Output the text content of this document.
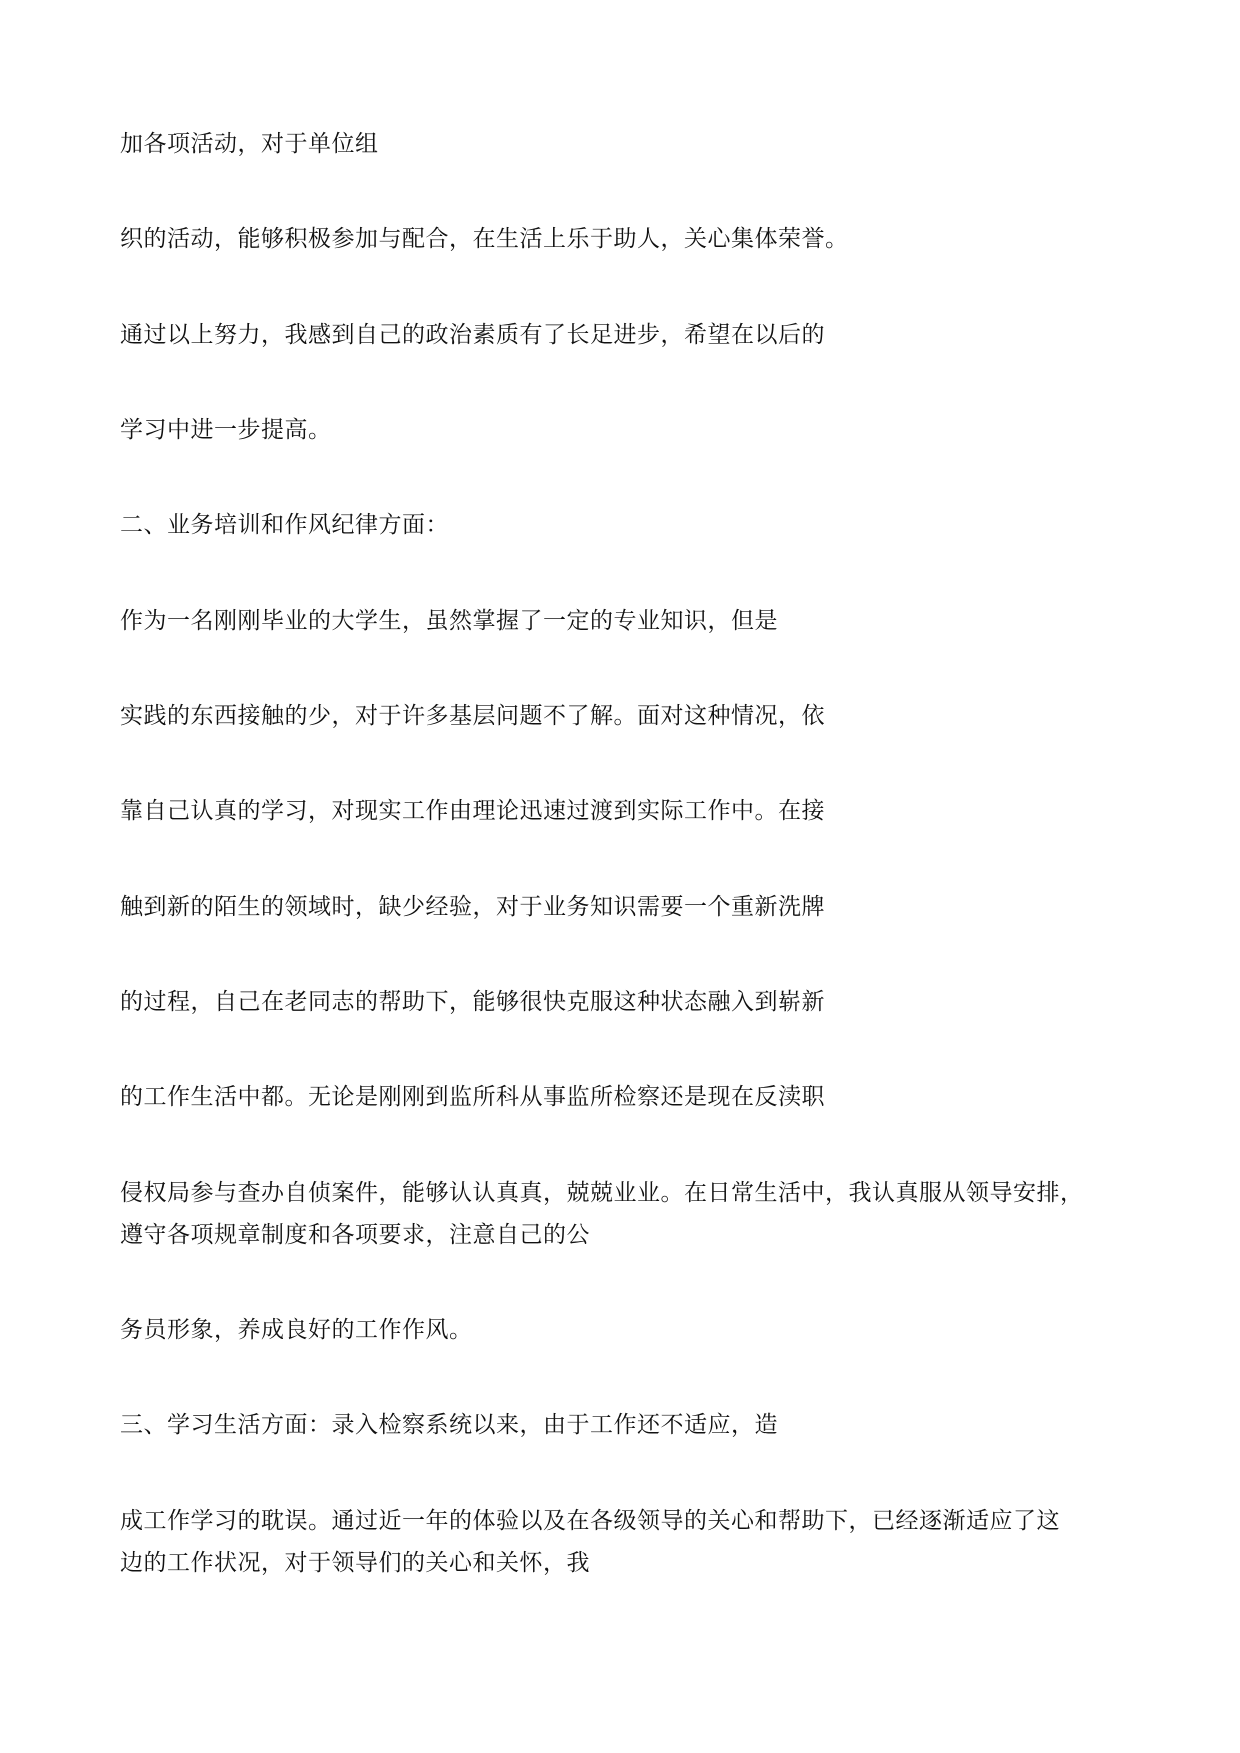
加各项活动，对于单位组
织的活动，能够积极参加与配合，在生活上乐于助人，关心集体荣誉。
通过以上努力，我感到自己的政治素质有了长足进步，希望在以后的
学习中进一步提高。
二、业务培训和作风纪律方面：
作为一名刚刚毕业的大学生，虽然掌握了一定的专业知识，但是
实践的东西接触的少，对于许多基层问题不了解。面对这种情况，依
靠自己认真的学习，对现实工作由理论迅速过渡到实际工作中。在接
触到新的陌生的领域时，缺少经验，对于业务知识需要一个重新洗牌
的过程，自己在老同志的帮助下，能够很快克服这种状态融入到崭新
的工作生活中都。无论是刚刚到监所科从事监所检察还是现在反渎职
侵权局参与查办自侦案件，能够认认真真，兢兢业业。在日常生活中，我认真服从领导安排，
遵守各项规章制度和各项要求，注意自己的公
务员形象，养成良好的工作作风。
三、学习生活方面：录入检察系统以来，由于工作还不适应，造
成工作学习的耽误。通过近一年的体验以及在各级领导的关心和帮助下，已经逐渐适应了这
边的工作状况，对于领导们的关心和关怀，我
